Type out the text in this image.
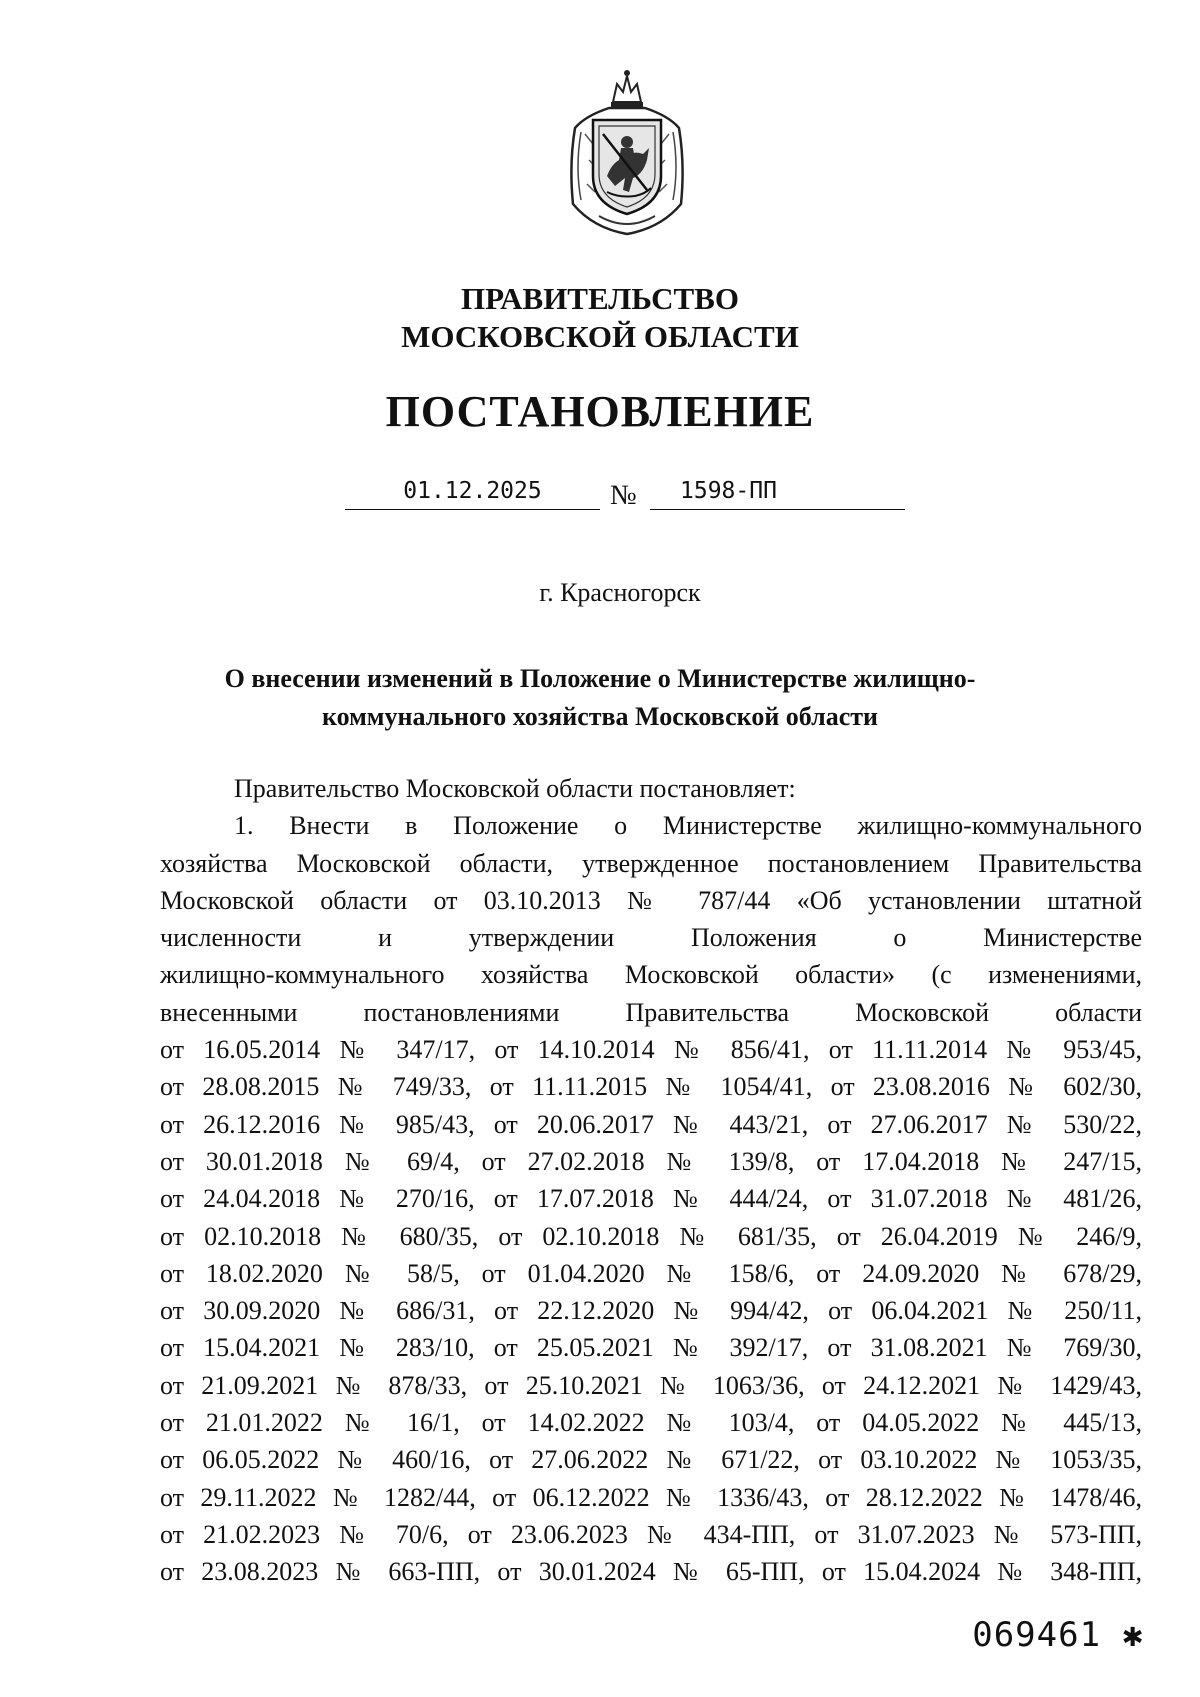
ПРАВИТЕЛЬСТВО
МОСКОВСКОЙ ОБЛАСТИ
ПОСТАНОВЛЕНИЕ
01.12.2025	№	1598-ПП
г. Красногорск
О внесении изменений в Положение о Министерстве жилищно-
коммунального хозяйства Московской области

Правительство Московской области постановляет:

1. Внести в Положение о Министерстве жилищно-коммунального

хозяйства Московской области, утвержденное постановлением Правительства

Московской области от 03.10.2013 № 787/44 «Об установлении штатной

численности и утверждении Положения о Министерстве

жилищно-коммунального хозяйства Московской области» (с изменениями,

внесенными постановлениями Правительства Московской области

от 16.05.2014 № 347/17, от 14.10.2014 № 856/41, от 11.11.2014 № 953/45,

от 28.08.2015 № 749/33, от 11.11.2015 № 1054/41, от 23.08.2016 № 602/30,

от 26.12.2016 № 985/43, от 20.06.2017 № 443/21, от 27.06.2017 № 530/22,

от 30.01.2018 № 69/4, от 27.02.2018 № 139/8, от 17.04.2018 № 247/15,

от 24.04.2018 № 270/16, от 17.07.2018 № 444/24, от 31.07.2018 № 481/26,

от 02.10.2018 № 680/35, от 02.10.2018 № 681/35, от 26.04.2019 № 246/9,

от 18.02.2020 № 58/5, от 01.04.2020 № 158/6, от 24.09.2020 № 678/29,

от 30.09.2020 № 686/31, от 22.12.2020 № 994/42, от 06.04.2021 № 250/11,

от 15.04.2021 № 283/10, от 25.05.2021 № 392/17, от 31.08.2021 № 769/30,

от 21.09.2021 № 878/33, от 25.10.2021 № 1063/36, от 24.12.2021 № 1429/43,

от 21.01.2022 № 16/1, от 14.02.2022 № 103/4, от 04.05.2022 № 445/13,

от 06.05.2022 № 460/16, от 27.06.2022 № 671/22, от 03.10.2022 № 1053/35,

от 29.11.2022 № 1282/44, от 06.12.2022 № 1336/43, от 28.12.2022 № 1478/46,

от 21.02.2023 № 70/6, от 23.06.2023 № 434-ПП, от 31.07.2023 № 573-ПП,

от 23.08.2023 № 663-ПП, от 30.01.2024 № 65-ПП, от 15.04.2024 № 348-ПП,

069461 ✱
